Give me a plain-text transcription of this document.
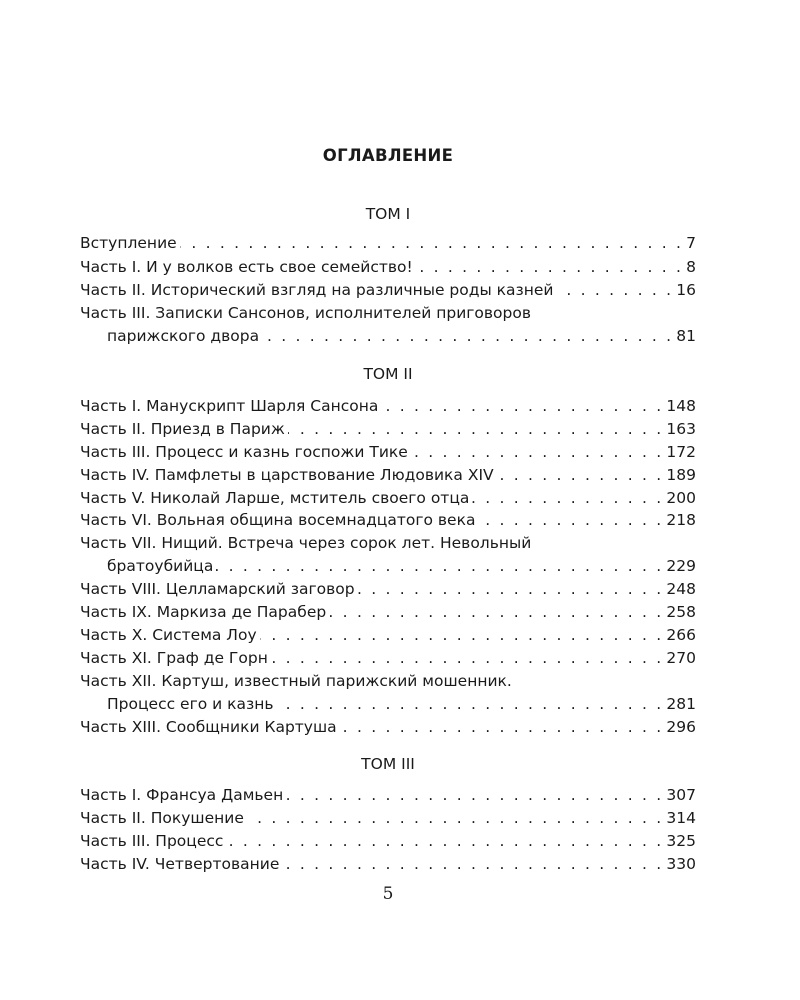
ОГЛАВЛЕНИЕ
ТОМ I
Вступление . . .	7
Часть I. И у волков есть свое семейство! . . .	8
Часть II. Исторический взгляд на различные роды казней . . .	16
Часть III. Записки Сансонов, исполнителей приговоров
парижского двора . . .	81
ТОМ II
Часть I. Манускрипт Шарля Сансона . . .	148
Часть II. Приезд в Париж . . .	163
Часть III. Процесс и казнь госпожи Тике . . .	172
Часть IV. Памфлеты в царствование Людовика XIV . . .	189
Часть V. Николай Ларше, мститель своего отца . . .	200
Часть VI. Вольная община восемнадцатого века . . .	218
Часть VII. Нищий. Встреча через сорок лет. Невольный
братоубийца . . .	229
Часть VIII. Целламарский заговор . . .	248
Часть IX. Маркиза де Парабер . . .	258
Часть X. Система Лоу . . .	266
Часть XI. Граф де Горн . . .	270
Часть XII. Картуш, известный парижский мошенник.
Процесс его и казнь . . .	281
Часть XIII. Сообщники Картуша . . .	296
ТОМ III
Часть I. Франсуа Дамьен . . .	307
Часть II. Покушение . . .	314
Часть III. Процесс . . .	325
Часть IV. Четвертование . . .	330
5
